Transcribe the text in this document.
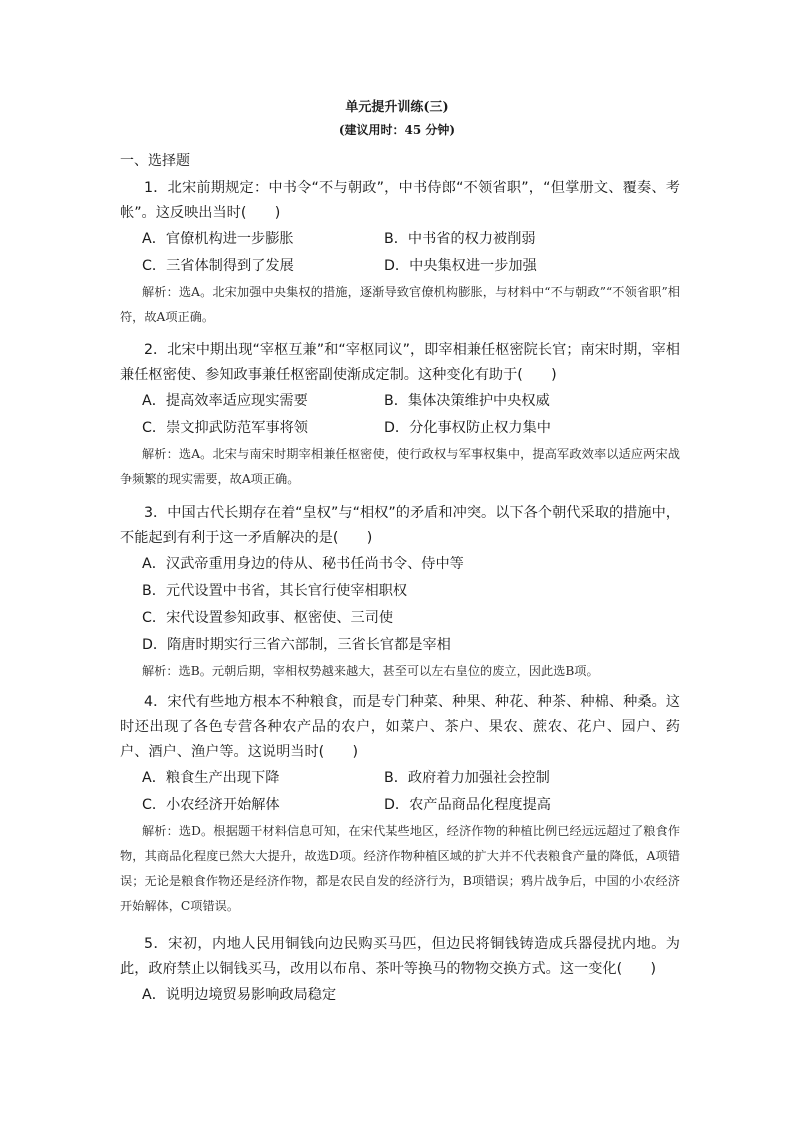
单元提升训练(三)
(建议用时：45 分钟)
一、选择题

1．北宋前期规定：中书令“不与朝政”，中书侍郎“不领省职”，“但掌册文、覆奏、考帐”。这反映出当时(　　)

A．官僚机构进一步膨胀	B．中书省的权力被削弱
C．三省体制得到了发展	D．中央集权进一步加强

解析：选A。北宋加强中央集权的措施，逐渐导致官僚机构膨胀，与材料中“不与朝政”“不领省职”相符，故A项正确。

2．北宋中期出现“宰枢互兼”和“宰枢同议”，即宰相兼任枢密院长官；南宋时期，宰相兼任枢密使、参知政事兼任枢密副使渐成定制。这种变化有助于(　　)

A．提高效率适应现实需要	B．集体决策维护中央权威
C．崇文抑武防范军事将领	D．分化事权防止权力集中

解析：选A。北宋与南宋时期宰相兼任枢密使，使行政权与军事权集中，提高军政效率以适应两宋战争频繁的现实需要，故A项正确。

3．中国古代长期存在着“皇权”与“相权”的矛盾和冲突。以下各个朝代采取的措施中，不能起到有利于这一矛盾解决的是(　　)

A．汉武帝重用身边的侍从、秘书任尚书令、侍中等
B．元代设置中书省，其长官行使宰相职权
C．宋代设置参知政事、枢密使、三司使
D．隋唐时期实行三省六部制，三省长官都是宰相

解析：选B。元朝后期，宰相权势越来越大，甚至可以左右皇位的废立，因此选B项。

4．宋代有些地方根本不种粮食，而是专门种菜、种果、种花、种茶、种棉、种桑。这时还出现了各色专营各种农产品的农户，如菜户、茶户、果农、蔗农、花户、园户、药户、酒户、渔户等。这说明当时(　　)

A．粮食生产出现下降	B．政府着力加强社会控制
C．小农经济开始解体	D．农产品商品化程度提高

解析：选D。根据题干材料信息可知，在宋代某些地区，经济作物的种植比例已经远远超过了粮食作物，其商品化程度已然大大提升，故选D项。经济作物种植区域的扩大并不代表粮食产量的降低，A项错误；无论是粮食作物还是经济作物，都是农民自发的经济行为，B项错误；鸦片战争后，中国的小农经济开始解体，C项错误。

5．宋初，内地人民用铜钱向边民购买马匹，但边民将铜钱铸造成兵器侵扰内地。为此，政府禁止以铜钱买马，改用以布帛、茶叶等换马的物物交换方式。这一变化(　　)

A．说明边境贸易影响政局稳定
